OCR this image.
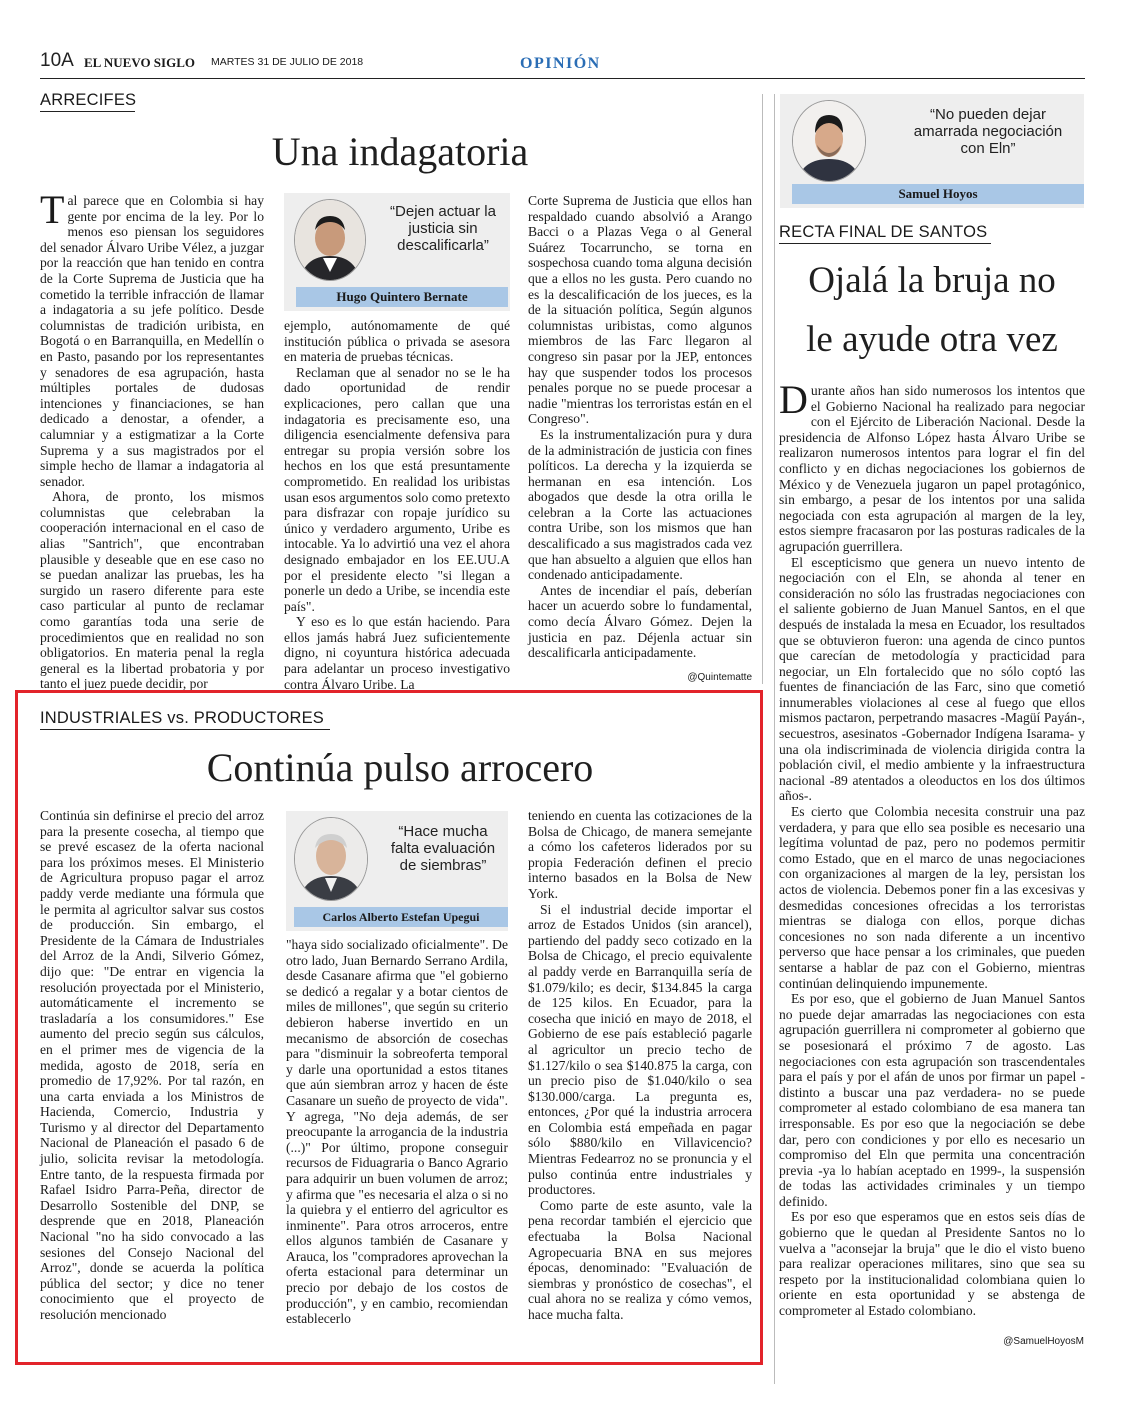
10A EL NUEVO SIGLO MARTES 31 DE JULIO DE 2018	OPINIÓN
ARRECIFES
Una indagatoria

Tal parece que en Colombia si hay gente por encima de la ley. Por lo menos eso piensan los seguidores del senador Álvaro Uribe Vélez, a juzgar por la reacción que han tenido en contra de la Corte Suprema de Justicia que ha cometido la terrible infracción de llamar a indagatoria a su jefe político. Desde columnistas de tradición uribista, en Bogotá o en Barranquilla, en Medellín o en Pasto, pasando por los representantes y senadores de esa agrupación, hasta múltiples portales de dudosas intenciones y financiaciones, se han dedicado a denostar, a ofender, a calumniar y a estigmatizar a la Corte Suprema y a sus magistrados por el simple hecho de llamar a indagatoria al senador.

Ahora, de pronto, los mismos columnistas que celebraban la cooperación internacional en el caso de alias "Santrich", que encontraban plausible y deseable que en ese caso no se puedan analizar las pruebas, les ha surgido un rasero diferente para este caso particular al punto de reclamar como garantías toda una serie de procedimientos que en realidad no son obligatorios. En materia penal la regla general es la libertad probatoria y por tanto el juez puede decidir, por

“Dejen actuar la justicia sin descalificarla”
Hugo Quintero Bernate

ejemplo, autónomamente de qué institución pública o privada se asesora en materia de pruebas técnicas.

Reclaman que al senador no se le ha dado oportunidad de rendir explicaciones, pero callan que una indagatoria es precisamente eso, una diligencia esencialmente defensiva para entregar su propia versión sobre los hechos en los que está presuntamente comprometido. En realidad los uribistas usan esos argumentos solo como pretexto para disfrazar con ropaje jurídico su único y verdadero argumento, Uribe es intocable. Ya lo advirtió una vez el ahora designado embajador en los EE.UU.A por el presidente electo "si llegan a ponerle un dedo a Uribe, se incendia este país".

Y eso es lo que están haciendo. Para ellos jamás habrá Juez suficientemente digno, ni coyuntura histórica adecuada para adelantar un proceso investigativo contra Álvaro Uribe. La

Corte Suprema de Justicia que ellos han respaldado cuando absolvió a Arango Bacci o a Plazas Vega o al General Suárez Tocarruncho, se torna en sospechosa cuando toma alguna decisión que a ellos no les gusta. Pero cuando no es la descalificación de los jueces, es la de la situación política, Según algunos columnistas uribistas, como algunos miembros de las Farc llegaron al congreso sin pasar por la JEP, entonces hay que suspender todos los procesos penales porque no se puede procesar a nadie "mientras los terroristas están en el Congreso".

Es la instrumentalización pura y dura de la administración de justicia con fines políticos. La derecha y la izquierda se hermanan en esa intención. Los abogados que desde la otra orilla le celebran a la Corte las actuaciones contra Uribe, son los mismos que han descalificado a sus magistrados cada vez que han absuelto a alguien que ellos han condenado anticipadamente.

Antes de incendiar el país, deberían hacer un acuerdo sobre lo fundamental, como decía Álvaro Gómez. Dejen la justicia en paz. Déjenla actuar sin descalificarla anticipadamente.

@Quintematte
INDUSTRIALES vs. PRODUCTORES
Continúa pulso arrocero

Continúa sin definirse el precio del arroz para la presente cosecha, al tiempo que se prevé escasez de la oferta nacional para los próximos meses. El Ministerio de Agricultura propuso pagar el arroz paddy verde mediante una fórmula que le permita al agricultor salvar sus costos de producción. Sin embargo, el Presidente de la Cámara de Industriales del Arroz de la Andi, Silverio Gómez, dijo que: "De entrar en vigencia la resolución proyectada por el Ministerio, automáticamente el incremento se trasladaría a los consumidores." Ese aumento del precio según sus cálculos, en el primer mes de vigencia de la medida, agosto de 2018, sería en promedio de 17,92%. Por tal razón, en una carta enviada a los Ministros de Hacienda, Comercio, Industria y Turismo y al director del Departamento Nacional de Planeación el pasado 6 de julio, solicita revisar la metodología. Entre tanto, de la respuesta firmada por Rafael Isidro Parra-Peña, director de Desarrollo Sostenible del DNP, se desprende que en 2018, Planeación Nacional "no ha sido convocado a las sesiones del Consejo Nacional del Arroz", donde se acuerda la política pública del sector; y dice no tener conocimiento que el proyecto de resolución mencionado

“Hace mucha falta evaluación de siembras”
Carlos Alberto Estefan Upegui

"haya sido socializado oficialmente". De otro lado, Juan Bernardo Serrano Ardila, desde Casanare afirma que "el gobierno se dedicó a regalar y a botar cientos de miles de millones", que según su criterio debieron haberse invertido en un mecanismo de absorción de cosechas para "disminuir la sobreoferta temporal y darle una oportunidad a estos titanes que aún siembran arroz y hacen de éste Casanare un sueño de proyecto de vida". Y agrega, "No deja además, de ser preocupante la arrogancia de la industria (...)" Por último, propone conseguir recursos de Fiduagraria o Banco Agrario para adquirir un buen volumen de arroz; y afirma que "es necesaria el alza o si no la quiebra y el entierro del agricultor es inminente". Para otros arroceros, entre ellos algunos también de Casanare y Arauca, los "compradores aprovechan la oferta estacional para determinar un precio por debajo de los costos de producción", y en cambio, recomiendan establecerlo

teniendo en cuenta las cotizaciones de la Bolsa de Chicago, de manera semejante a cómo los cafeteros liderados por su propia Federación definen el precio interno basados en la Bolsa de New York.

Si el industrial decide importar el arroz de Estados Unidos (sin arancel), partiendo del paddy seco cotizado en la Bolsa de Chicago, el precio equivalente al paddy verde en Barranquilla sería de $1.079/kilo; es decir, $134.845 la carga de 125 kilos. En Ecuador, para la cosecha que inició en mayo de 2018, el Gobierno de ese país estableció pagarle al agricultor un precio techo de $1.127/kilo o sea $140.875 la carga, con un precio piso de $1.040/kilo o sea $130.000/carga. La pregunta es, entonces, ¿Por qué la industria arrocera en Colombia está empeñada en pagar sólo $880/kilo en Villavicencio? Mientras Fedearroz no se pronuncia y el pulso continúa entre industriales y productores.

Como parte de este asunto, vale la pena recordar también el ejercicio que efectuaba la Bolsa Nacional Agropecuaria BNA en sus mejores épocas, denominado: "Evaluación de siembras y pronóstico de cosechas", el cual ahora no se realiza y cómo vemos, hace mucha falta.

“No pueden dejar amarrada negociación con Eln”
Samuel Hoyos
RECTA FINAL DE SANTOS
Ojalá la bruja no
le ayude otra vez

Durante años han sido numerosos los intentos que el Gobierno Nacional ha realizado para negociar con el Ejército de Liberación Nacional. Desde la presidencia de Alfonso López hasta Álvaro Uribe se realizaron numerosos intentos para lograr el fin del conflicto y en dichas negociaciones los gobiernos de México y de Venezuela jugaron un papel protagónico, sin embargo, a pesar de los intentos por una salida negociada con esta agrupación al margen de la ley, estos siempre fracasaron por las posturas radicales de la agrupación guerrillera.

El escepticismo que genera un nuevo intento de negociación con el Eln, se ahonda al tener en consideración no sólo las frustradas negociaciones con el saliente gobierno de Juan Manuel Santos, en el que después de instalada la mesa en Ecuador, los resultados que se obtuvieron fueron: una agenda de cinco puntos que carecían de metodología y practicidad para negociar, un Eln fortalecido que no sólo coptó las fuentes de financiación de las Farc, sino que cometió innumerables violaciones al cese al fuego que ellos mismos pactaron, perpetrando masacres -Magüí Payán-, secuestros, asesinatos -Gobernador Indígena Isarama- y una ola indiscriminada de violencia dirigida contra la población civil, el medio ambiente y la infraestructura nacional -89 atentados a oleoductos en los dos últimos años-.

Es cierto que Colombia necesita construir una paz verdadera, y para que ello sea posible es necesario una legítima voluntad de paz, pero no podemos permitir como Estado, que en el marco de unas negociaciones con organizaciones al margen de la ley, persistan los actos de violencia. Debemos poner fin a las excesivas y desmedidas concesiones ofrecidas a los terroristas mientras se dialoga con ellos, porque dichas concesiones no son nada diferente a un incentivo perverso que hace pensar a los criminales, que pueden sentarse a hablar de paz con el Gobierno, mientras continúan delinquiendo impunemente.

Es por eso, que el gobierno de Juan Manuel Santos no puede dejar amarradas las negociaciones con esta agrupación guerrillera ni comprometer al gobierno que se posesionará el próximo 7 de agosto. Las negociaciones con esta agrupación son trascendentales para el país y por el afán de unos por firmar un papel -distinto a buscar una paz verdadera- no se puede comprometer al estado colombiano de esa manera tan irresponsable. Es por eso que la negociación se debe dar, pero con condiciones y por ello es necesario un compromiso del Eln que permita una concentración previa -ya lo habían aceptado en 1999-, la suspensión de todas las actividades criminales y un tiempo definido.

Es por eso que esperamos que en estos seis días de gobierno que le quedan al Presidente Santos no lo vuelva a "aconsejar la bruja" que le dio el visto bueno para realizar operaciones militares, sino que sea su respeto por la institucionalidad colombiana quien lo oriente en esta oportunidad y se abstenga de comprometer al Estado colombiano.

@SamuelHoyosM
